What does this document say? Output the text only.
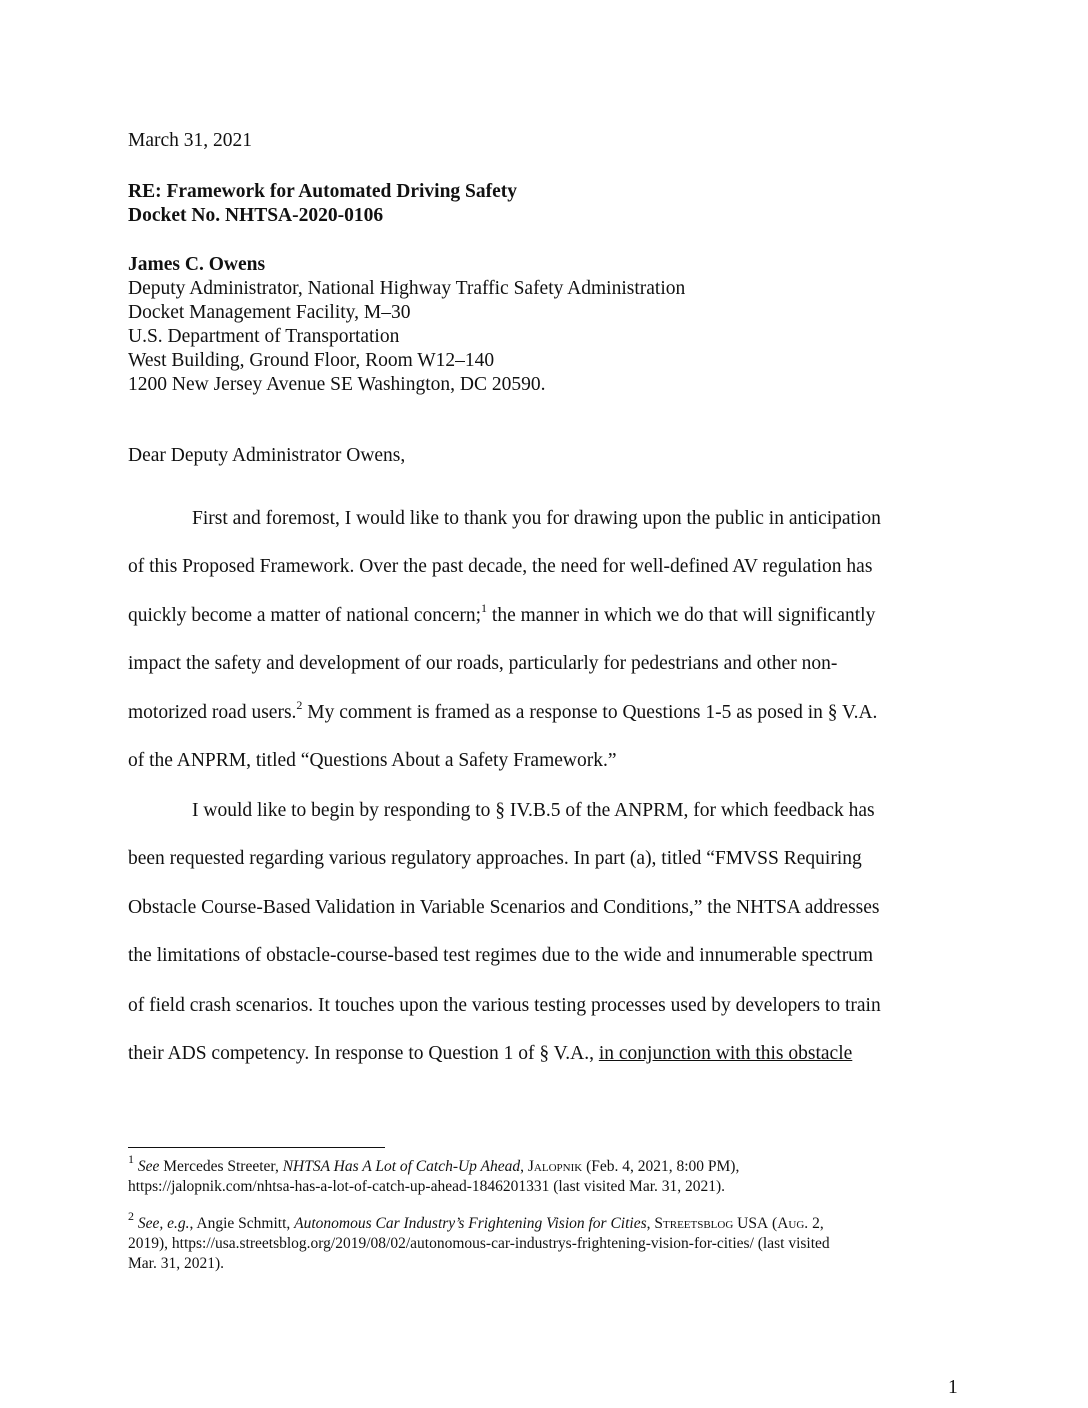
March 31, 2021
RE: Framework for Automated Driving Safety
Docket No. NHTSA-2020-0106
James C. Owens
Deputy Administrator, National Highway Traffic Safety Administration
Docket Management Facility, M–30
U.S. Department of Transportation
West Building, Ground Floor, Room W12–140
1200 New Jersey Avenue SE Washington, DC 20590.
Dear Deputy Administrator Owens,
First and foremost, I would like to thank you for drawing upon the public in anticipation
of this Proposed Framework. Over the past decade, the need for well-defined AV regulation has
quickly become a matter of national concern;$^1$ the manner in which we do that will significantly
impact the safety and development of our roads, particularly for pedestrians and other non-
motorized road users.$^2$ My comment is framed as a response to Questions 1-5 as posed in § V.A.
of the ANPRM, titled “Questions About a Safety Framework.”
I would like to begin by responding to § IV.B.5 of the ANPRM, for which feedback has
been requested regarding various regulatory approaches. In part (a), titled “FMVSS Requiring
Obstacle Course-Based Validation in Variable Scenarios and Conditions,” the NHTSA addresses
the limitations of obstacle-course-based test regimes due to the wide and innumerable spectrum
of field crash scenarios. It touches upon the various testing processes used by developers to train
their ADS competency. In response to Question 1 of § V.A., in conjunction with this obstacle
$^1$ See Mercedes Streeter, NHTSA Has A Lot of Catch-Up Ahead, Jalopnik (Feb. 4, 2021, 8:00 PM),
https://jalopnik.com/nhtsa-has-a-lot-of-catch-up-ahead-1846201331 (last visited Mar. 31, 2021).
$^2$ See, e.g., Angie Schmitt, Autonomous Car Industry’s Frightening Vision for Cities, Streetsblog USA (Aug. 2,
2019), https://usa.streetsblog.org/2019/08/02/autonomous-car-industrys-frightening-vision-for-cities/ (last visited
Mar. 31, 2021).
1
